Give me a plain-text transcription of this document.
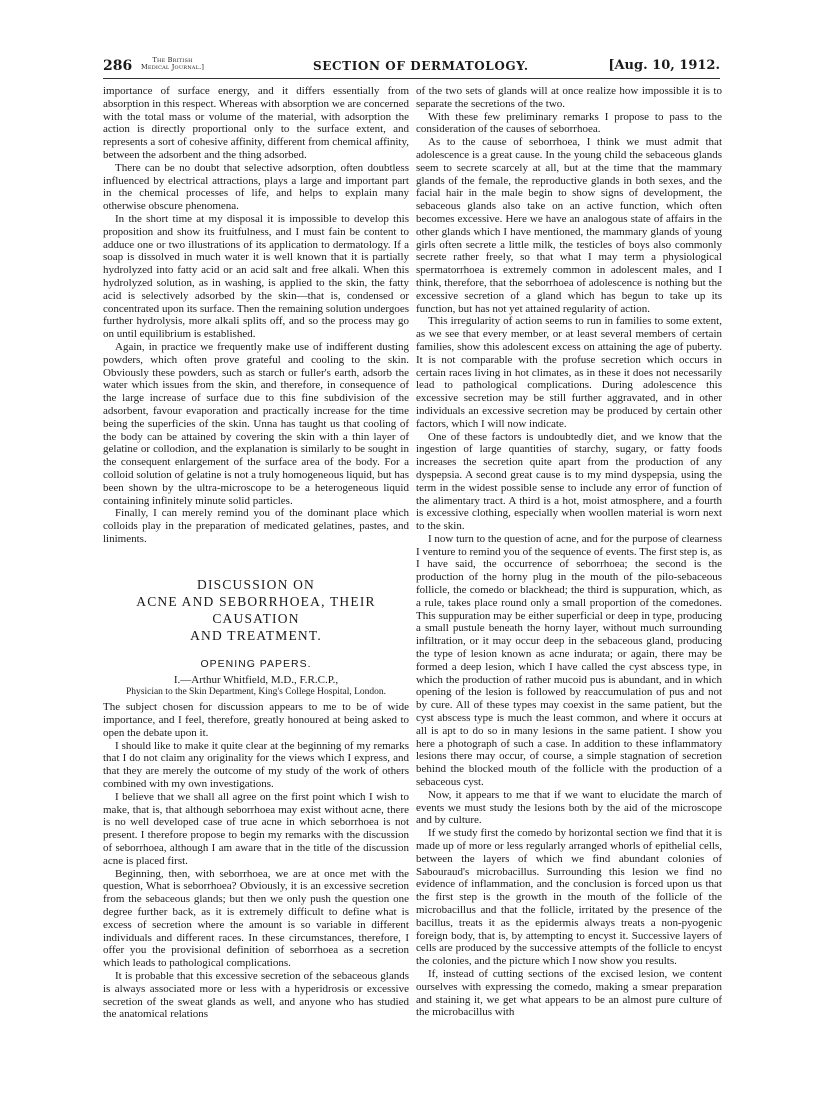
286	The British
Medical Journal.]	SECTION OF DERMATOLOGY.	[Aug. 10, 1912.

importance of surface energy, and it differs essentially from absorption in this respect. Whereas with absorption we are concerned with the total mass or volume of the material, with adsorption the action is directly proportional only to the surface extent, and represents a sort of cohesive affinity, different from chemical affinity, between the adsorbent and the thing adsorbed.

There can be no doubt that selective adsorption, often doubtless influenced by electrical attractions, plays a large and important part in the chemical processes of life, and helps to explain many otherwise obscure phenomena.

In the short time at my disposal it is impossible to develop this proposition and show its fruitfulness, and I must fain be content to adduce one or two illustrations of its application to dermatology. If a soap is dissolved in much water it is well known that it is partially hydrolyzed into fatty acid or an acid salt and free alkali. When this hydrolyzed solution, as in washing, is applied to the skin, the fatty acid is selectively adsorbed by the skin—that is, condensed or concentrated upon its surface. Then the remaining solution undergoes further hydrolysis, more alkali splits off, and so the process may go on until equilibrium is established.

Again, in practice we frequently make use of indifferent dusting powders, which often prove grateful and cooling to the skin. Obviously these powders, such as starch or fuller's earth, adsorb the water which issues from the skin, and therefore, in consequence of the large increase of surface due to this fine subdivision of the adsorbent, favour evaporation and practically increase for the time being the superficies of the skin. Unna has taught us that cooling of the body can be attained by covering the skin with a thin layer of gelatine or collodion, and the explanation is similarly to be sought in the consequent enlargement of the surface area of the body. For a colloid solution of gelatine is not a truly homogeneous liquid, but has been shown by the ultra-microscope to be a heterogeneous liquid containing infinitely minute solid particles.

Finally, I can merely remind you of the dominant place which colloids play in the preparation of medicated gelatines, pastes, and liniments.

DISCUSSION ON
ACNE AND SEBORRHOEA, THEIR CAUSATION
AND TREATMENT.
OPENING PAPERS.
I.—Arthur Whitfield, M.D., F.R.C.P.,
Physician to the Skin Department, King's College Hospital, London.

The subject chosen for discussion appears to me to be of wide importance, and I feel, therefore, greatly honoured at being asked to open the debate upon it.

I should like to make it quite clear at the beginning of my remarks that I do not claim any originality for the views which I express, and that they are merely the outcome of my study of the work of others combined with my own investigations.

I believe that we shall all agree on the first point which I wish to make, that is, that although seborrhoea may exist without acne, there is no well developed case of true acne in which seborrhoea is not present. I therefore propose to begin my remarks with the discussion of seborrhoea, although I am aware that in the title of the discussion acne is placed first.

Beginning, then, with seborrhoea, we are at once met with the question, What is seborrhoea? Obviously, it is an excessive secretion from the sebaceous glands; but then we only push the question one degree further back, as it is extremely difficult to define what is excess of secretion where the amount is so variable in different individuals and different races. In these circumstances, therefore, I offer you the provisional definition of seborrhoea as a secretion which leads to pathological complications.

It is probable that this excessive secretion of the sebaceous glands is always associated more or less with a hyperidrosis or excessive secretion of the sweat glands as well, and anyone who has studied the anatomical relations

of the two sets of glands will at once realize how impossible it is to separate the secretions of the two.

With these few preliminary remarks I propose to pass to the consideration of the causes of seborrhoea.

As to the cause of seborrhoea, I think we must admit that adolescence is a great cause. In the young child the sebaceous glands seem to secrete scarcely at all, but at the time that the mammary glands of the female, the reproductive glands in both sexes, and the facial hair in the male begin to show signs of development, the sebaceous glands also take on an active function, which often becomes excessive. Here we have an analogous state of affairs in the other glands which I have mentioned, the mammary glands of young girls often secrete a little milk, the testicles of boys also commonly secrete rather freely, so that what I may term a physiological spermatorrhoea is extremely common in adolescent males, and I think, therefore, that the seborrhoea of adolescence is nothing but the excessive secretion of a gland which has begun to take up its function, but has not yet attained regularity of action.

This irregularity of action seems to run in families to some extent, as we see that every member, or at least several members of certain families, show this adolescent excess on attaining the age of puberty. It is not comparable with the profuse secretion which occurs in certain races living in hot climates, as in these it does not necessarily lead to pathological complications. During adolescence this excessive secretion may be still further aggravated, and in other individuals an excessive secretion may be produced by certain other factors, which I will now indicate.

One of these factors is undoubtedly diet, and we know that the ingestion of large quantities of starchy, sugary, or fatty foods increases the secretion quite apart from the production of any dyspepsia. A second great cause is to my mind dyspepsia, using the term in the widest possible sense to include any error of function of the alimentary tract. A third is a hot, moist atmosphere, and a fourth is excessive clothing, especially when woollen material is worn next to the skin.

I now turn to the question of acne, and for the purpose of clearness I venture to remind you of the sequence of events. The first step is, as I have said, the occurrence of seborrhoea; the second is the production of the horny plug in the mouth of the pilo-sebaceous follicle, the comedo or blackhead; the third is suppuration, which, as a rule, takes place round only a small proportion of the comedones. This suppuration may be either superficial or deep in type, producing a small pustule beneath the horny layer, without much surrounding infiltration, or it may occur deep in the sebaceous gland, producing the type of lesion known as acne indurata; or again, there may be formed a deep lesion, which I have called the cyst abscess type, in which the production of rather mucoid pus is abundant, and in which opening of the lesion is followed by reaccumulation of pus and not by cure. All of these types may coexist in the same patient, but the cyst abscess type is much the least common, and where it occurs at all is apt to do so in many lesions in the same patient. I show you here a photograph of such a case. In addition to these inflammatory lesions there may occur, of course, a simple stagnation of secretion behind the blocked mouth of the follicle with the production of a sebaceous cyst.

Now, it appears to me that if we want to elucidate the march of events we must study the lesions both by the aid of the microscope and by culture.

If we study first the comedo by horizontal section we find that it is made up of more or less regularly arranged whorls of epithelial cells, between the layers of which we find abundant colonies of Sabouraud's microbacillus. Surrounding this lesion we find no evidence of inflammation, and the conclusion is forced upon us that the first step is the growth in the mouth of the follicle of the microbacillus and that the follicle, irritated by the presence of the bacillus, treats it as the epidermis always treats a non-pyogenic foreign body, that is, by attempting to encyst it. Successive layers of cells are produced by the successive attempts of the follicle to encyst the colonies, and the picture which I now show you results.

If, instead of cutting sections of the excised lesion, we content ourselves with expressing the comedo, making a smear preparation and staining it, we get what appears to be an almost pure culture of the microbacillus with
